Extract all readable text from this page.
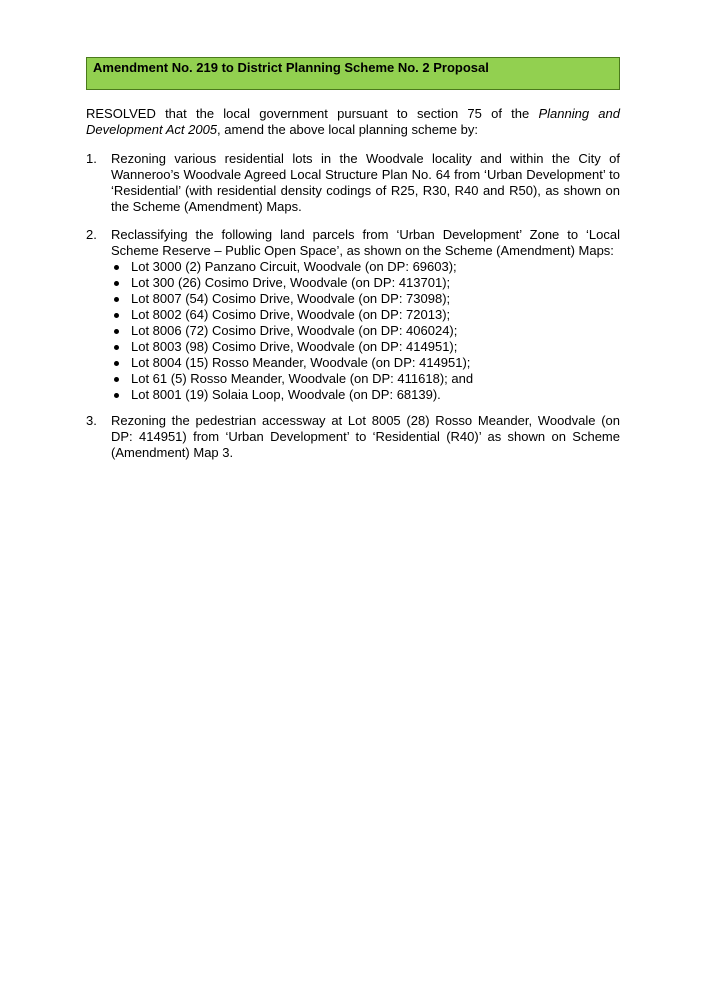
Amendment No. 219 to District Planning Scheme No. 2 Proposal
RESOLVED that the local government pursuant to section 75 of the Planning and Development Act 2005, amend the above local planning scheme by:
1.	Rezoning various residential lots in the Woodvale locality and within the City of Wanneroo’s Woodvale Agreed Local Structure Plan No. 64 from ‘Urban Development’ to ‘Residential’ (with residential density codings of R25, R30, R40 and R50), as shown on the Scheme (Amendment) Maps.
2.	Reclassifying the following land parcels from ‘Urban Development’ Zone to ‘Local Scheme Reserve – Public Open Space’, as shown on the Scheme (Amendment) Maps:
Lot 3000 (2) Panzano Circuit, Woodvale (on DP: 69603);
Lot 300 (26) Cosimo Drive, Woodvale (on DP: 413701);
Lot 8007 (54) Cosimo Drive, Woodvale (on DP: 73098);
Lot 8002 (64) Cosimo Drive, Woodvale (on DP: 72013);
Lot 8006 (72) Cosimo Drive, Woodvale (on DP: 406024);
Lot 8003 (98) Cosimo Drive, Woodvale (on DP: 414951);
Lot 8004 (15) Rosso Meander, Woodvale (on DP: 414951);
Lot 61 (5) Rosso Meander, Woodvale (on DP: 411618); and
Lot 8001 (19) Solaia Loop, Woodvale (on DP: 68139).
3.	Rezoning the pedestrian accessway at Lot 8005 (28) Rosso Meander, Woodvale (on DP: 414951) from ‘Urban Development’ to ‘Residential (R40)’ as shown on Scheme (Amendment) Map 3.
